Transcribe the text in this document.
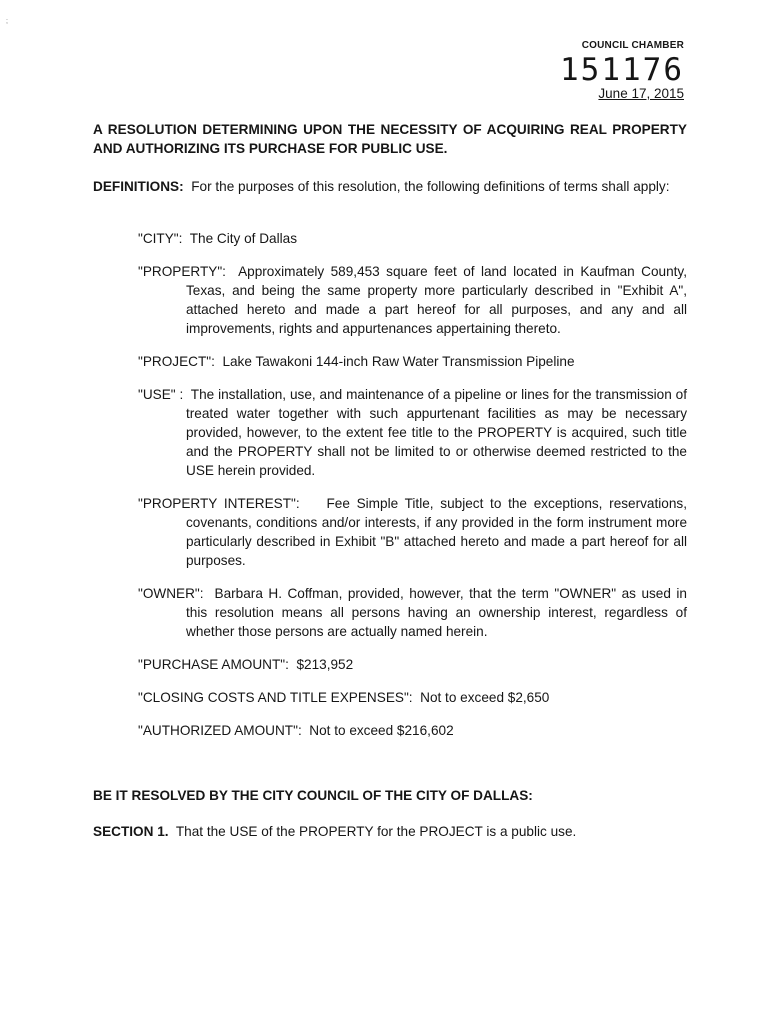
;
COUNCIL CHAMBER
151176
June 17, 2015
A RESOLUTION DETERMINING UPON THE NECESSITY OF ACQUIRING REAL PROPERTY AND AUTHORIZING ITS PURCHASE FOR PUBLIC USE.
DEFINITIONS: For the purposes of this resolution, the following definitions of terms shall apply:
"CITY": The City of Dallas
"PROPERTY": Approximately 589,453 square feet of land located in Kaufman County, Texas, and being the same property more particularly described in "Exhibit A", attached hereto and made a part hereof for all purposes, and any and all improvements, rights and appurtenances appertaining thereto.
"PROJECT": Lake Tawakoni 144-inch Raw Water Transmission Pipeline
"USE" : The installation, use, and maintenance of a pipeline or lines for the transmission of treated water together with such appurtenant facilities as may be necessary provided, however, to the extent fee title to the PROPERTY is acquired, such title and the PROPERTY shall not be limited to or otherwise deemed restricted to the USE herein provided.
"PROPERTY INTEREST": Fee Simple Title, subject to the exceptions, reservations, covenants, conditions and/or interests, if any provided in the form instrument more particularly described in Exhibit "B" attached hereto and made a part hereof for all purposes.
"OWNER": Barbara H. Coffman, provided, however, that the term "OWNER" as used in this resolution means all persons having an ownership interest, regardless of whether those persons are actually named herein.
"PURCHASE AMOUNT": $213,952
"CLOSING COSTS AND TITLE EXPENSES": Not to exceed $2,650
"AUTHORIZED AMOUNT": Not to exceed $216,602
BE IT RESOLVED BY THE CITY COUNCIL OF THE CITY OF DALLAS:
SECTION 1. That the USE of the PROPERTY for the PROJECT is a public use.
